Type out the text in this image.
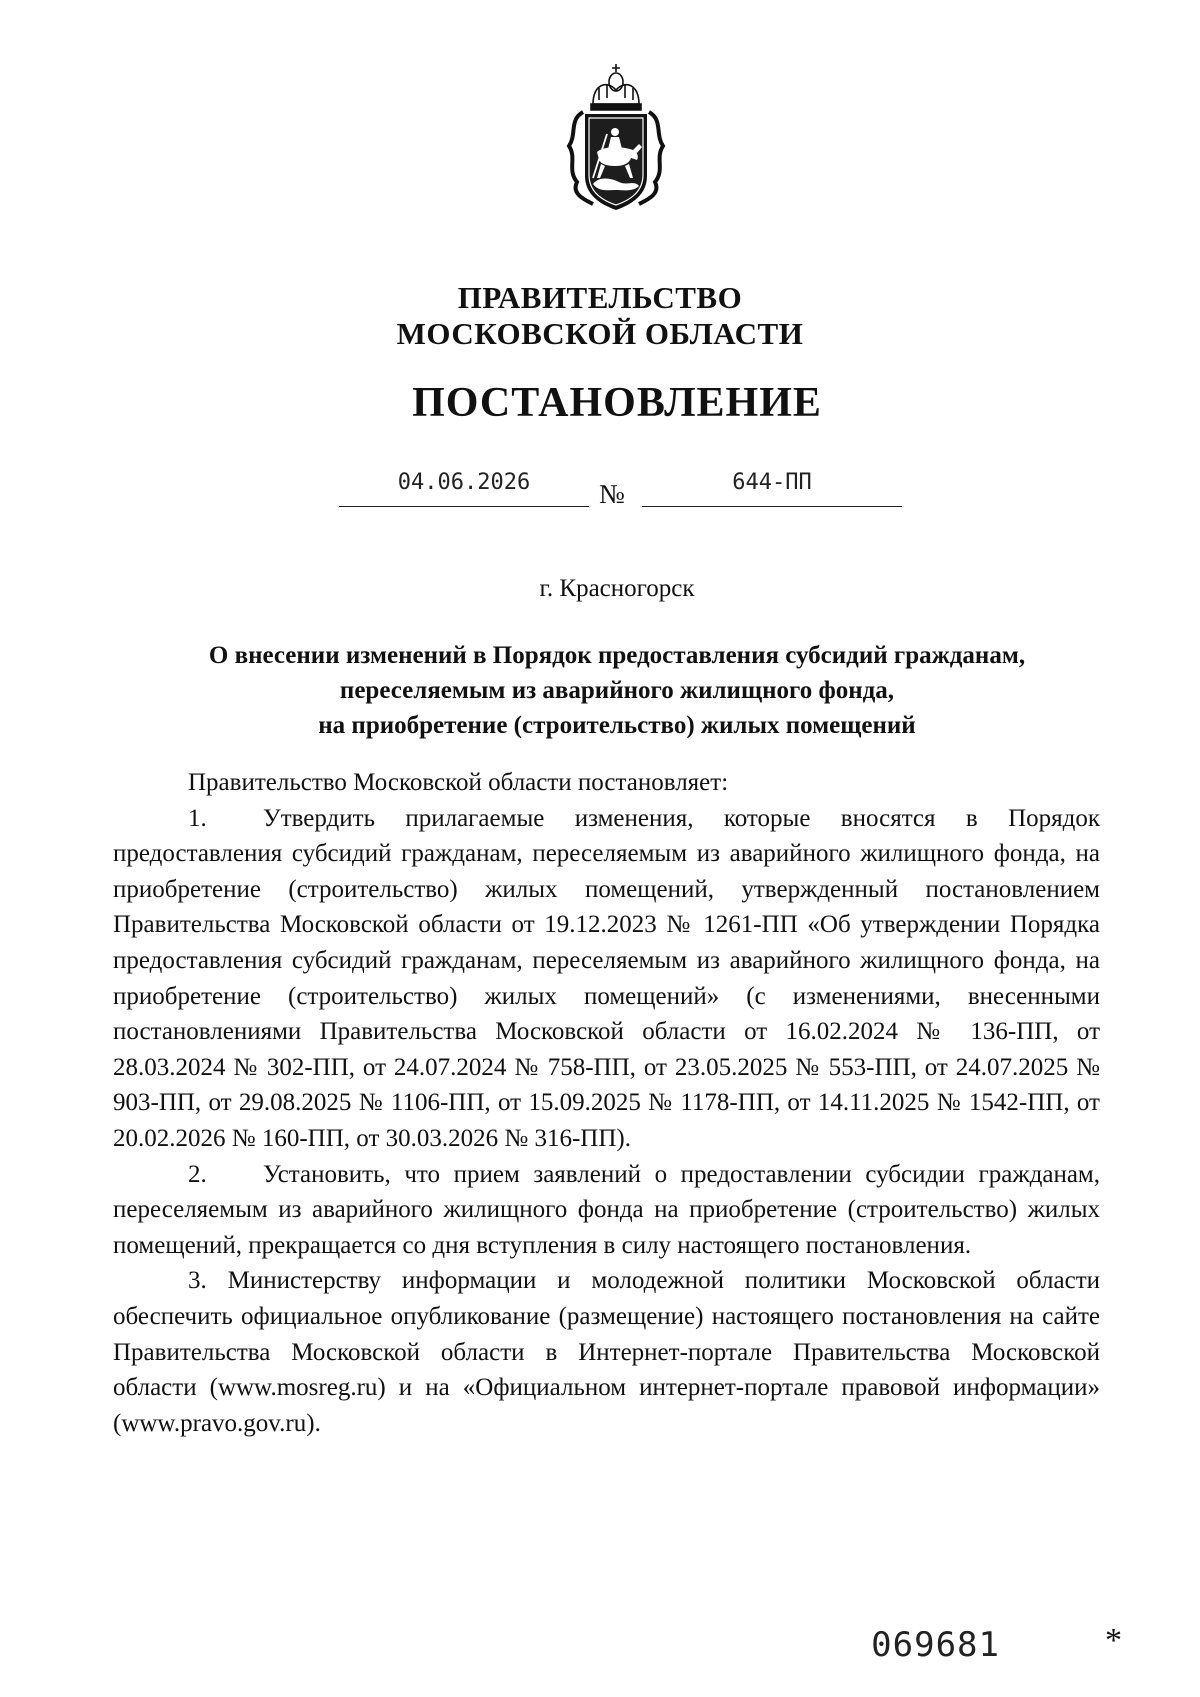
ПРАВИТЕЛЬСТВО
МОСКОВСКОЙ ОБЛАСТИ
ПОСТАНОВЛЕНИЕ
04.06.2026	№	644-ПП
г. Красногорск
О внесении изменений в Порядок предоставления субсидий гражданам,
переселяемым из аварийного жилищного фонда,
на приобретение (строительство) жилых помещений

Правительство Московской области постановляет:

1. Утвердить прилагаемые изменения, которые вносятся в Порядок предоставления субсидий гражданам, переселяемым из аварийного жилищного фонда, на приобретение (строительство) жилых помещений, утвержденный постановлением Правительства Московской области от 19.12.2023 № 1261-ПП «Об утверждении Порядка предоставления субсидий гражданам, переселяемым из аварийного жилищного фонда, на приобретение (строительство) жилых помещений» (с изменениями, внесенными постановлениями Правительства Московской области от 16.02.2024 № 136-ПП, от 28.03.2024 № 302-ПП, от 24.07.2024 № 758-ПП, от 23.05.2025 № 553-ПП, от 24.07.2025 № 903-ПП, от 29.08.2025 № 1106-ПП, от 15.09.2025 № 1178-ПП, от 14.11.2025 № 1542-ПП, от 20.02.2026 № 160-ПП, от 30.03.2026 № 316-ПП).

2. Установить, что прием заявлений о предоставлении субсидии гражданам, переселяемым из аварийного жилищного фонда на приобретение (строительство) жилых помещений, прекращается со дня вступления в силу настоящего постановления.

3. Министерству информации и молодежной политики Московской области обеспечить официальное опубликование (размещение) настоящего постановления на сайте Правительства Московской области в Интернет-портале Правительства Московской области (www.mosreg.ru) и на «Официальном интернет-портале правовой информации» (www.pravo.gov.ru).

069681	*
